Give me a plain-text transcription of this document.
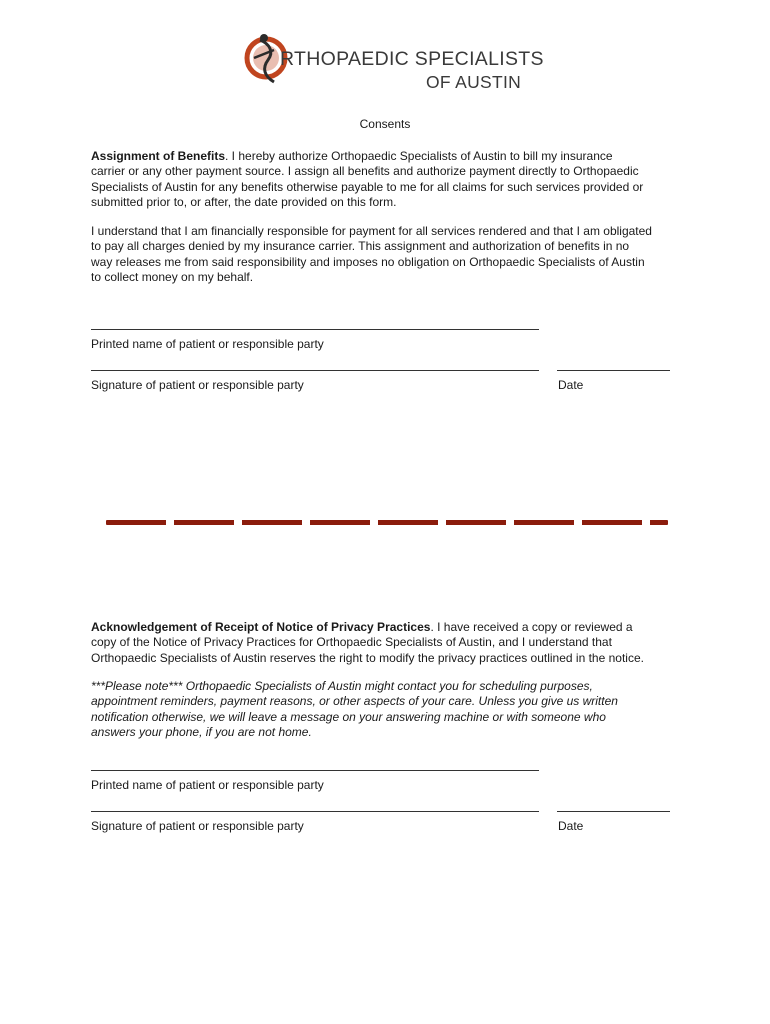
RTHOPAEDIC SPECIALISTS
OF AUSTIN
Consents

Assignment of Benefits. I hereby authorize Orthopaedic Specialists of Austin to bill my insurance
carrier or any other payment source. I assign all benefits and authorize payment directly to Orthopaedic
Specialists of Austin for any benefits otherwise payable to me for all claims for such services provided or
submitted prior to, or after, the date provided on this form.

I understand that I am financially responsible for payment for all services rendered and that I am obligated
to pay all charges denied by my insurance carrier. This assignment and authorization of benefits in no
way releases me from said responsibility and imposes no obligation on Orthopaedic Specialists of Austin
to collect money on my behalf.

Printed name of patient or responsible party
Signature of patient or responsible party	Date

Acknowledgement of Receipt of Notice of Privacy Practices. I have received a copy or reviewed a
copy of the Notice of Privacy Practices for Orthopaedic Specialists of Austin, and I understand that
Orthopaedic Specialists of Austin reserves the right to modify the privacy practices outlined in the notice.

***Please note*** Orthopaedic Specialists of Austin might contact you for scheduling purposes,
appointment reminders, payment reasons, or other aspects of your care. Unless you give us written
notification otherwise, we will leave a message on your answering machine or with someone who
answers your phone, if you are not home.

Printed name of patient or responsible party
Signature of patient or responsible party	Date
